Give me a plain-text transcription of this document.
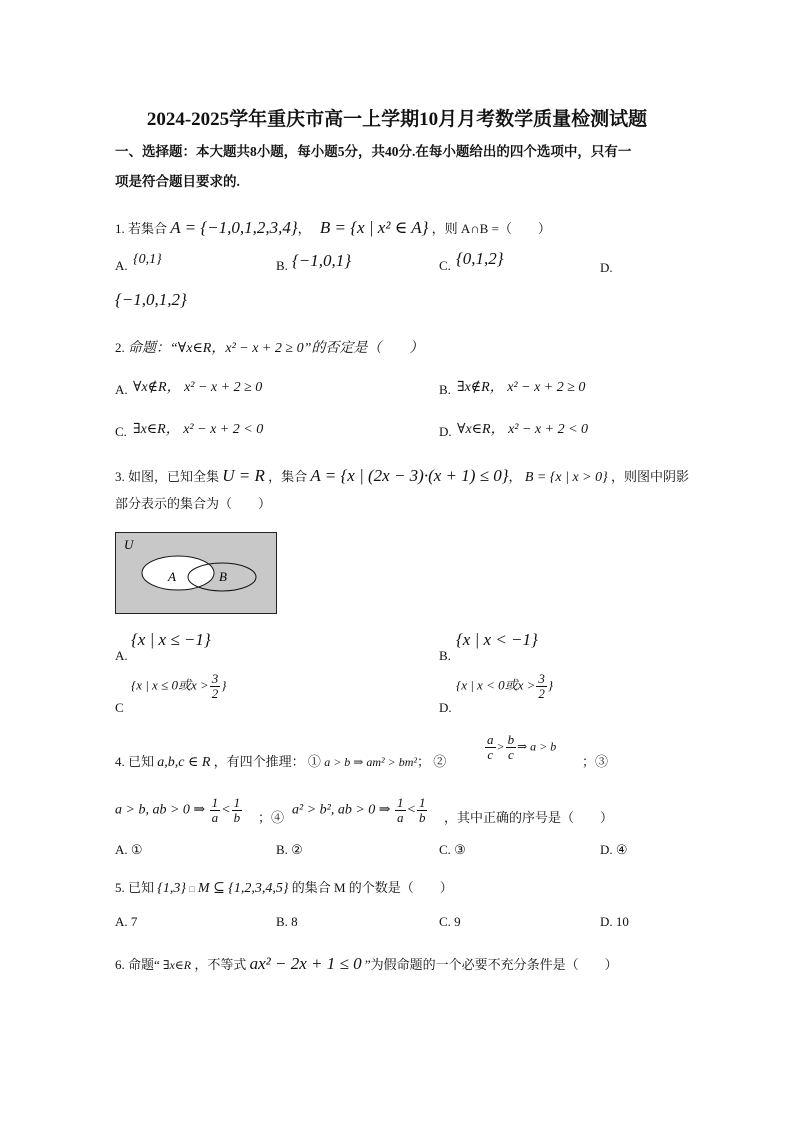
2024-2025学年重庆市高一上学期10月月考数学质量检测试题
一、选择题：本大题共8小题，每小题5分，共40分.在每小题给出的四个选项中，只有一
项是符合题目要求的.
1. 若集合 A = {−1,0,1,2,3,4}， B = {x | x² ∈ A} ，则 A∩B =（　　）
A. {0,1}	B. {−1,0,1}	C. {0,1,2}	D.
{−1,0,1,2}
2. 命题：“∀x∈R，x² − x + 2 ≥ 0”的否定是（　　）
A. ∀x∉R， x² − x + 2 ≥ 0	B. ∃x∉R， x² − x + 2 ≥ 0
C. ∃x∈R， x² − x + 2 < 0	D. ∀x∈R， x² − x + 2 < 0
3. 如图，已知全集 U = R ，集合 A = {x | (2x − 3)·(x + 1) ≤ 0}， B = {x | x > 0} ，则图中阴影
部分表示的集合为（　　）
U
A	B
A.
{x | x ≤ −1}
B.
{x | x < −1}
C
{x | x ≤ 0或$x > \frac{3}{2}$ }
D.
{x | x < 0或$x > \frac{3}{2}$ }
4. 已知 a,b,c ∈ R ，有四个推理： ① a > b ⇒ am² > bm²； ②	$\frac{a}{c} > \frac{b}{c}$ ⇒ a > b
；③
a > b, ab > 0 ⇒ $\frac{1}{a} < \frac{1}{b}$ ；④ a² > b², ab > 0 ⇒ $\frac{1}{a} < \frac{1}{b}$ ，其中正确的序号是（　　）
A. ①	B. ②	C. ③	D. ④
5. 已知 {1,3} □ M ⊆ {1,2,3,4,5} 的集合 M 的个数是（　　）
A. 7	B. 8	C. 9	D. 10
6. 命题“ ∃x∈R ，不等式 ax² − 2x + 1 ≤ 0 ”为假命题的一个必要不充分条件是（　　）
